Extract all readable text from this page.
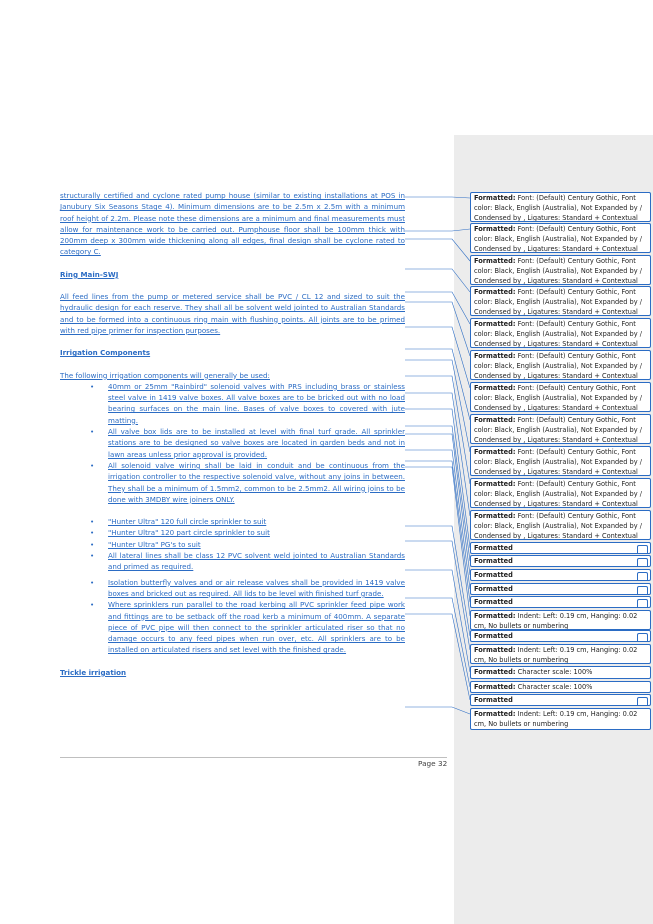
structurally certified and cyclone rated pump house (similar to existing installations at POS in Janubury Six Seasons Stage 4). Minimum dimensions are to be 2.5m x 2.5m with a minimum roof height of 2.2m. Please note these dimensions are a minimum and final measurements must allow for maintenance work to be carried out. Pumphouse floor shall be 100mm thick with 200mm deep x 300mm wide thickening along all edges, final design shall be cyclone rated to category C.

Ring Main-SWJ

All feed lines from the pump or metered service shall be PVC / CL 12 and sized to suit the hydraulic design for each reserve. They shall all be solvent weld jointed to Australian Standards and to be formed into a continuous ring main with flushing points. All joints are to be primed with red pipe primer for inspection purposes.

Irrigation Components

The following irrigation components will generally be used:

• 40mm or 25mm "Rainbird" solenoid valves with PRS including brass or stainless steel valve in 1419 valve boxes. All valve boxes are to be bricked out with no load bearing surfaces on the main line. Bases of valve boxes to covered with jute matting.
• All valve box lids are to be installed at level with final turf grade. All sprinkler stations are to be designed so valve boxes are located in garden beds and not in lawn areas unless prior approval is provided.
• All solenoid valve wiring shall be laid in conduit and be continuous from the irrigation controller to the respective solenoid valve, without any joins in between. They shall be a minimum of 1.5mm2, common to be 2.5mm2. All wiring joins to be done with 3MDBY wire joiners ONLY.
• "Hunter Ultra" 120 full circle sprinkler to suit
• "Hunter Ultra" 120 part circle sprinkler to suit
• "Hunter Ultra" PG's to suit
• All lateral lines shall be class 12 PVC solvent weld jointed to Australian Standards and primed as required.
• Isolation butterfly valves and or air release valves shall be provided in 1419 valve boxes and bricked out as required. All lids to be level with finished turf grade.
• Where sprinklers run parallel to the road kerbing all PVC sprinkler feed pipe work and fittings are to be setback off the road kerb a minimum of 400mm. A separate piece of PVC pipe will then connect to the sprinkler articulated riser so that no damage occurs to any feed pipes when run over, etc. All sprinklers are to be installed on articulated risers and set level with the finished grade.

Trickle irrigation

Page 32
Formatted: Font: (Default) Century Gothic, Font color: Black, English (Australia), Not Expanded by / Condensed by , Ligatures: Standard + Contextual
Formatted: Font: (Default) Century Gothic, Font color: Black, English (Australia), Not Expanded by / Condensed by , Ligatures: Standard + Contextual
Formatted: Font: (Default) Century Gothic, Font color: Black, English (Australia), Not Expanded by / Condensed by , Ligatures: Standard + Contextual
Formatted: Font: (Default) Century Gothic, Font color: Black, English (Australia), Not Expanded by / Condensed by , Ligatures: Standard + Contextual
Formatted: Font: (Default) Century Gothic, Font color: Black, English (Australia), Not Expanded by / Condensed by , Ligatures: Standard + Contextual
Formatted: Font: (Default) Century Gothic, Font color: Black, English (Australia), Not Expanded by / Condensed by , Ligatures: Standard + Contextual
Formatted: Font: (Default) Century Gothic, Font color: Black, English (Australia), Not Expanded by / Condensed by , Ligatures: Standard + Contextual
Formatted: Font: (Default) Century Gothic, Font color: Black, English (Australia), Not Expanded by / Condensed by , Ligatures: Standard + Contextual
Formatted: Font: (Default) Century Gothic, Font color: Black, English (Australia), Not Expanded by / Condensed by , Ligatures: Standard + Contextual
Formatted: Font: (Default) Century Gothic, Font color: Black, English (Australia), Not Expanded by / Condensed by , Ligatures: Standard + Contextual
Formatted: Font: (Default) Century Gothic, Font color: Black, English (Australia), Not Expanded by / Condensed by , Ligatures: Standard + Contextual
Formatted
Formatted
Formatted
Formatted
Formatted
Formatted: Indent: Left: 0.19 cm, Hanging: 0.02 cm, No bullets or numbering
Formatted
Formatted: Indent: Left: 0.19 cm, Hanging: 0.02 cm, No bullets or numbering
Formatted: Character scale: 100%
Formatted: Character scale: 100%
Formatted
Formatted: Indent: Left: 0.19 cm, Hanging: 0.02 cm, No bullets or numbering
